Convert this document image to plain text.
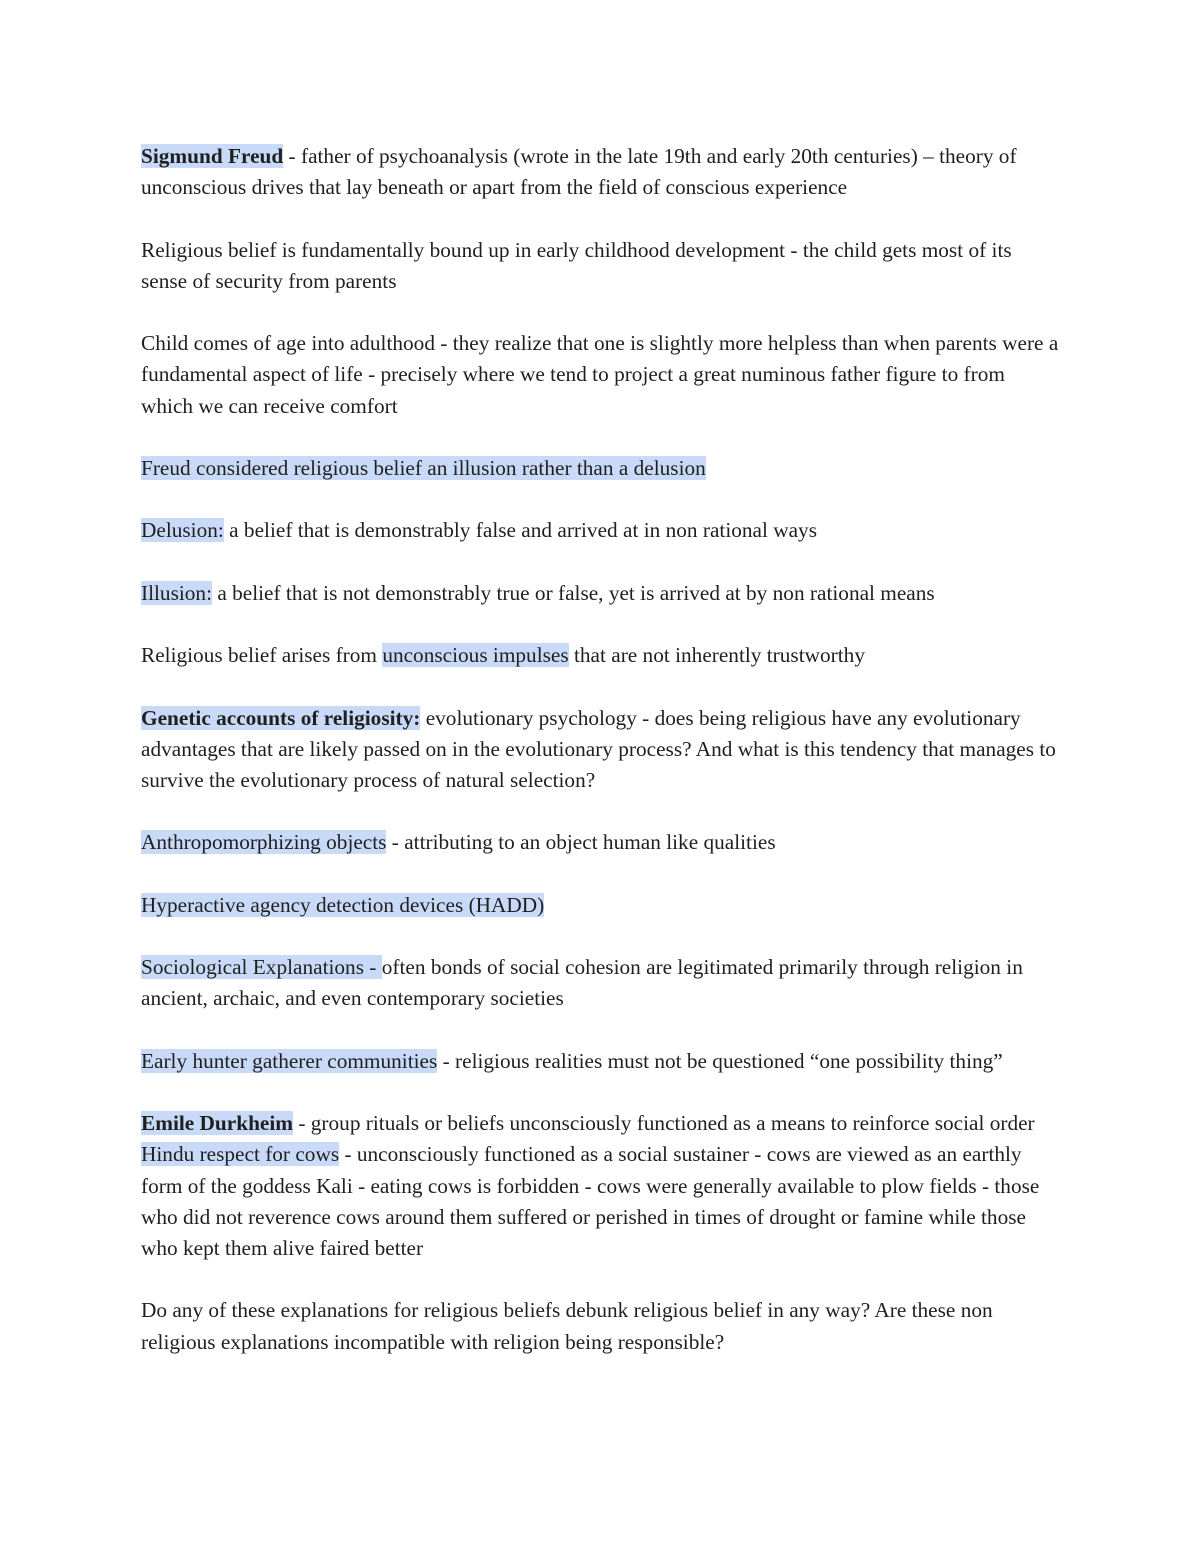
Sigmund Freud - father of psychoanalysis (wrote in the late 19th and early 20th centuries) – theory of unconscious drives that lay beneath or apart from the field of conscious experience

Religious belief is fundamentally bound up in early childhood development - the child gets most of its sense of security from parents

Child comes of age into adulthood - they realize that one is slightly more helpless than when parents were a fundamental aspect of life - precisely where we tend to project a great numinous father figure to from which we can receive comfort

Freud considered religious belief an illusion rather than a delusion

Delusion: a belief that is demonstrably false and arrived at in non rational ways

Illusion: a belief that is not demonstrably true or false, yet is arrived at by non rational means

Religious belief arises from unconscious impulses that are not inherently trustworthy

Genetic accounts of religiosity: evolutionary psychology - does being religious have any evolutionary advantages that are likely passed on in the evolutionary process? And what is this tendency that manages to survive the evolutionary process of natural selection?

Anthropomorphizing objects - attributing to an object human like qualities

Hyperactive agency detection devices (HADD)

Sociological Explanations - often bonds of social cohesion are legitimated primarily through religion in ancient, archaic, and even contemporary societies

Early hunter gatherer communities - religious realities must not be questioned “one possibility thing”

Emile Durkheim - group rituals or beliefs unconsciously functioned as a means to reinforce social order

Hindu respect for cows - unconsciously functioned as a social sustainer - cows are viewed as an earthly form of the goddess Kali - eating cows is forbidden - cows were generally available to plow fields - those who did not reverence cows around them suffered or perished in times of drought or famine while those who kept them alive faired better

Do any of these explanations for religious beliefs debunk religious belief in any way? Are these non religious explanations incompatible with religion being responsible?
